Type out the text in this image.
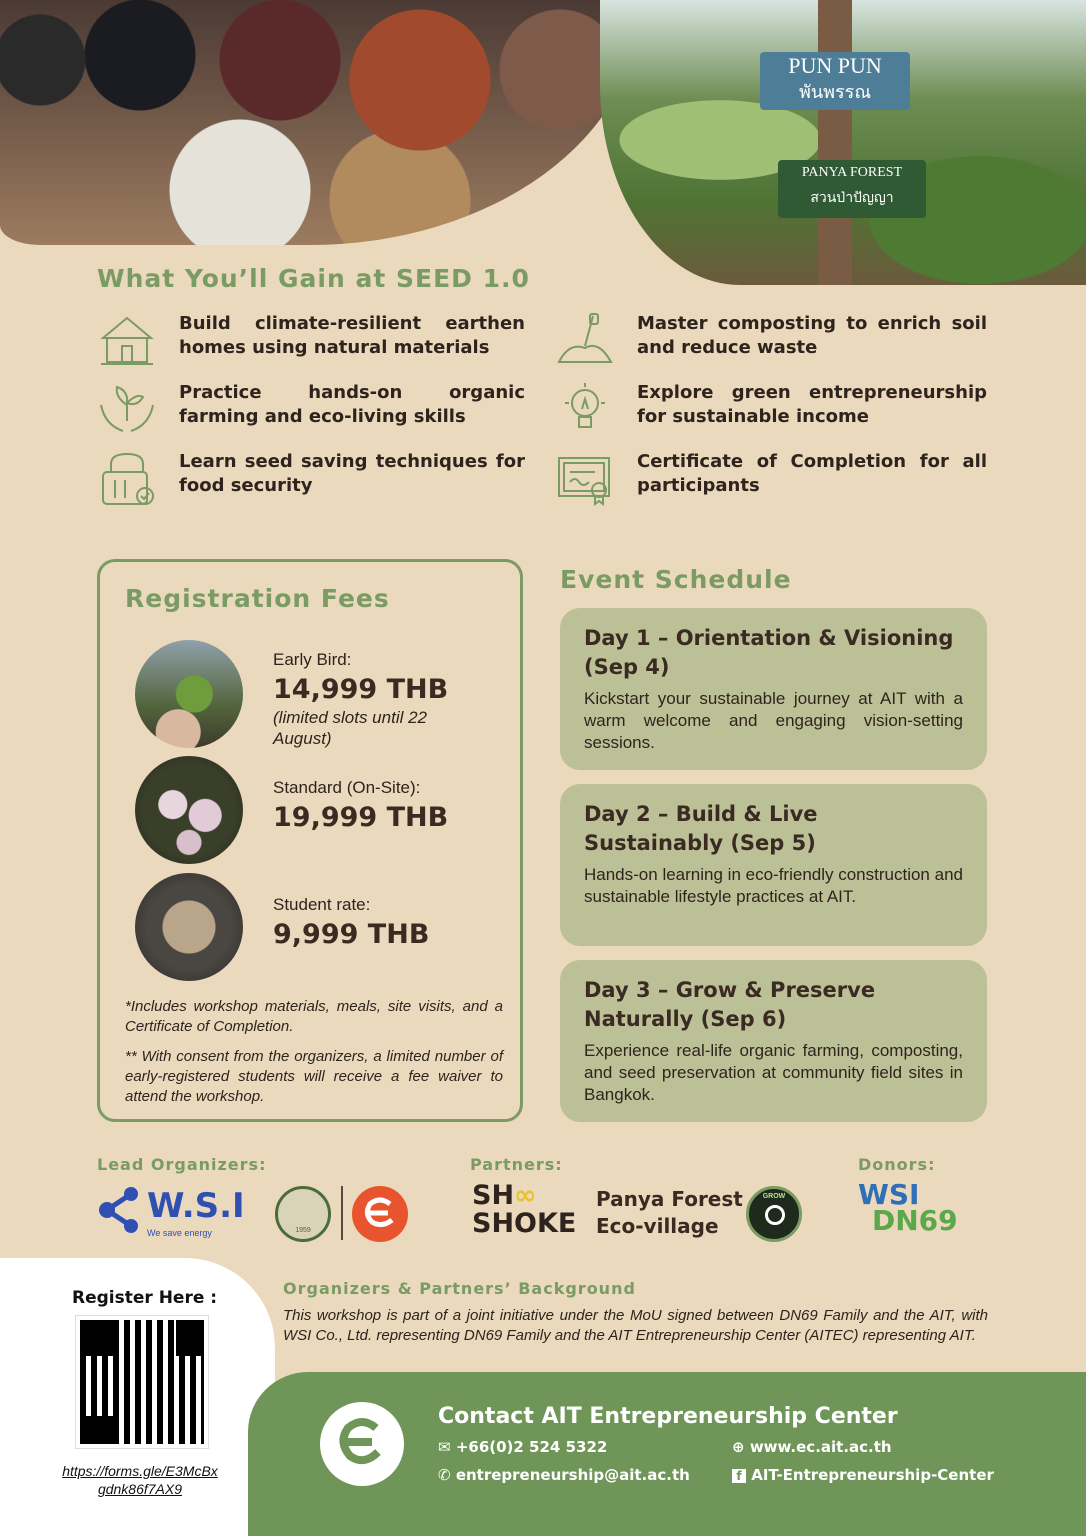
PUN PUN
พันพรรณ
PANYA FOREST
สวนป่าปัญญา
What You’ll Gain at SEED 1.0
Build climate-resilient earthen homes using natural materials
Master composting to enrich soil and reduce waste
Practice hands-on organic farming and eco-living skills
Explore green entrepreneurship for sustainable income
Learn seed saving techniques for food security
Certificate of Completion for all participants
Registration Fees
Early Bird:
14,999 THB
(limited slots until 22 August)
Standard (On-Site):
19,999 THB
Student rate:
9,999 THB
*Includes workshop materials, meals, site visits, and a Certificate of Completion.
** With consent from the organizers, a limited number of early-registered students will receive a fee waiver to attend the workshop.
Event Schedule
Day 1 – Orientation & Visioning (Sep 4)
Kickstart your sustainable journey at AIT with a warm welcome and engaging vision-setting sessions.
Day 2 – Build & Live Sustainably (Sep 5)
Hands-on learning in eco-friendly construction and sustainable lifestyle practices at AIT.
Day 3 – Grow & Preserve Naturally (Sep 6)
Experience real-life organic farming, composting, and seed preservation at community field sites in Bangkok.
Lead Organizers:	Partners:	Donors:
W.S.I
We save energy	1959
SH∞
SHOKE
Panya Forest
Eco-village
GROW	WSI
DN69
Organizers & Partners’ Background
This workshop is part of a joint initiative under the MoU signed between DN69 Family and the AIT, with WSI Co., Ltd. representing DN69 Family and the AIT Entrepreneurship Center (AITEC) representing AIT.
Register Here :
https://forms.gle/E3McBxgdnk86f7AX9
Contact AIT Entrepreneurship Center
✉ +66(0)2 524 5322
✆ entrepreneurship@ait.ac.th
⊕ www.ec.ait.ac.th
f AIT-Entrepreneurship-Center
